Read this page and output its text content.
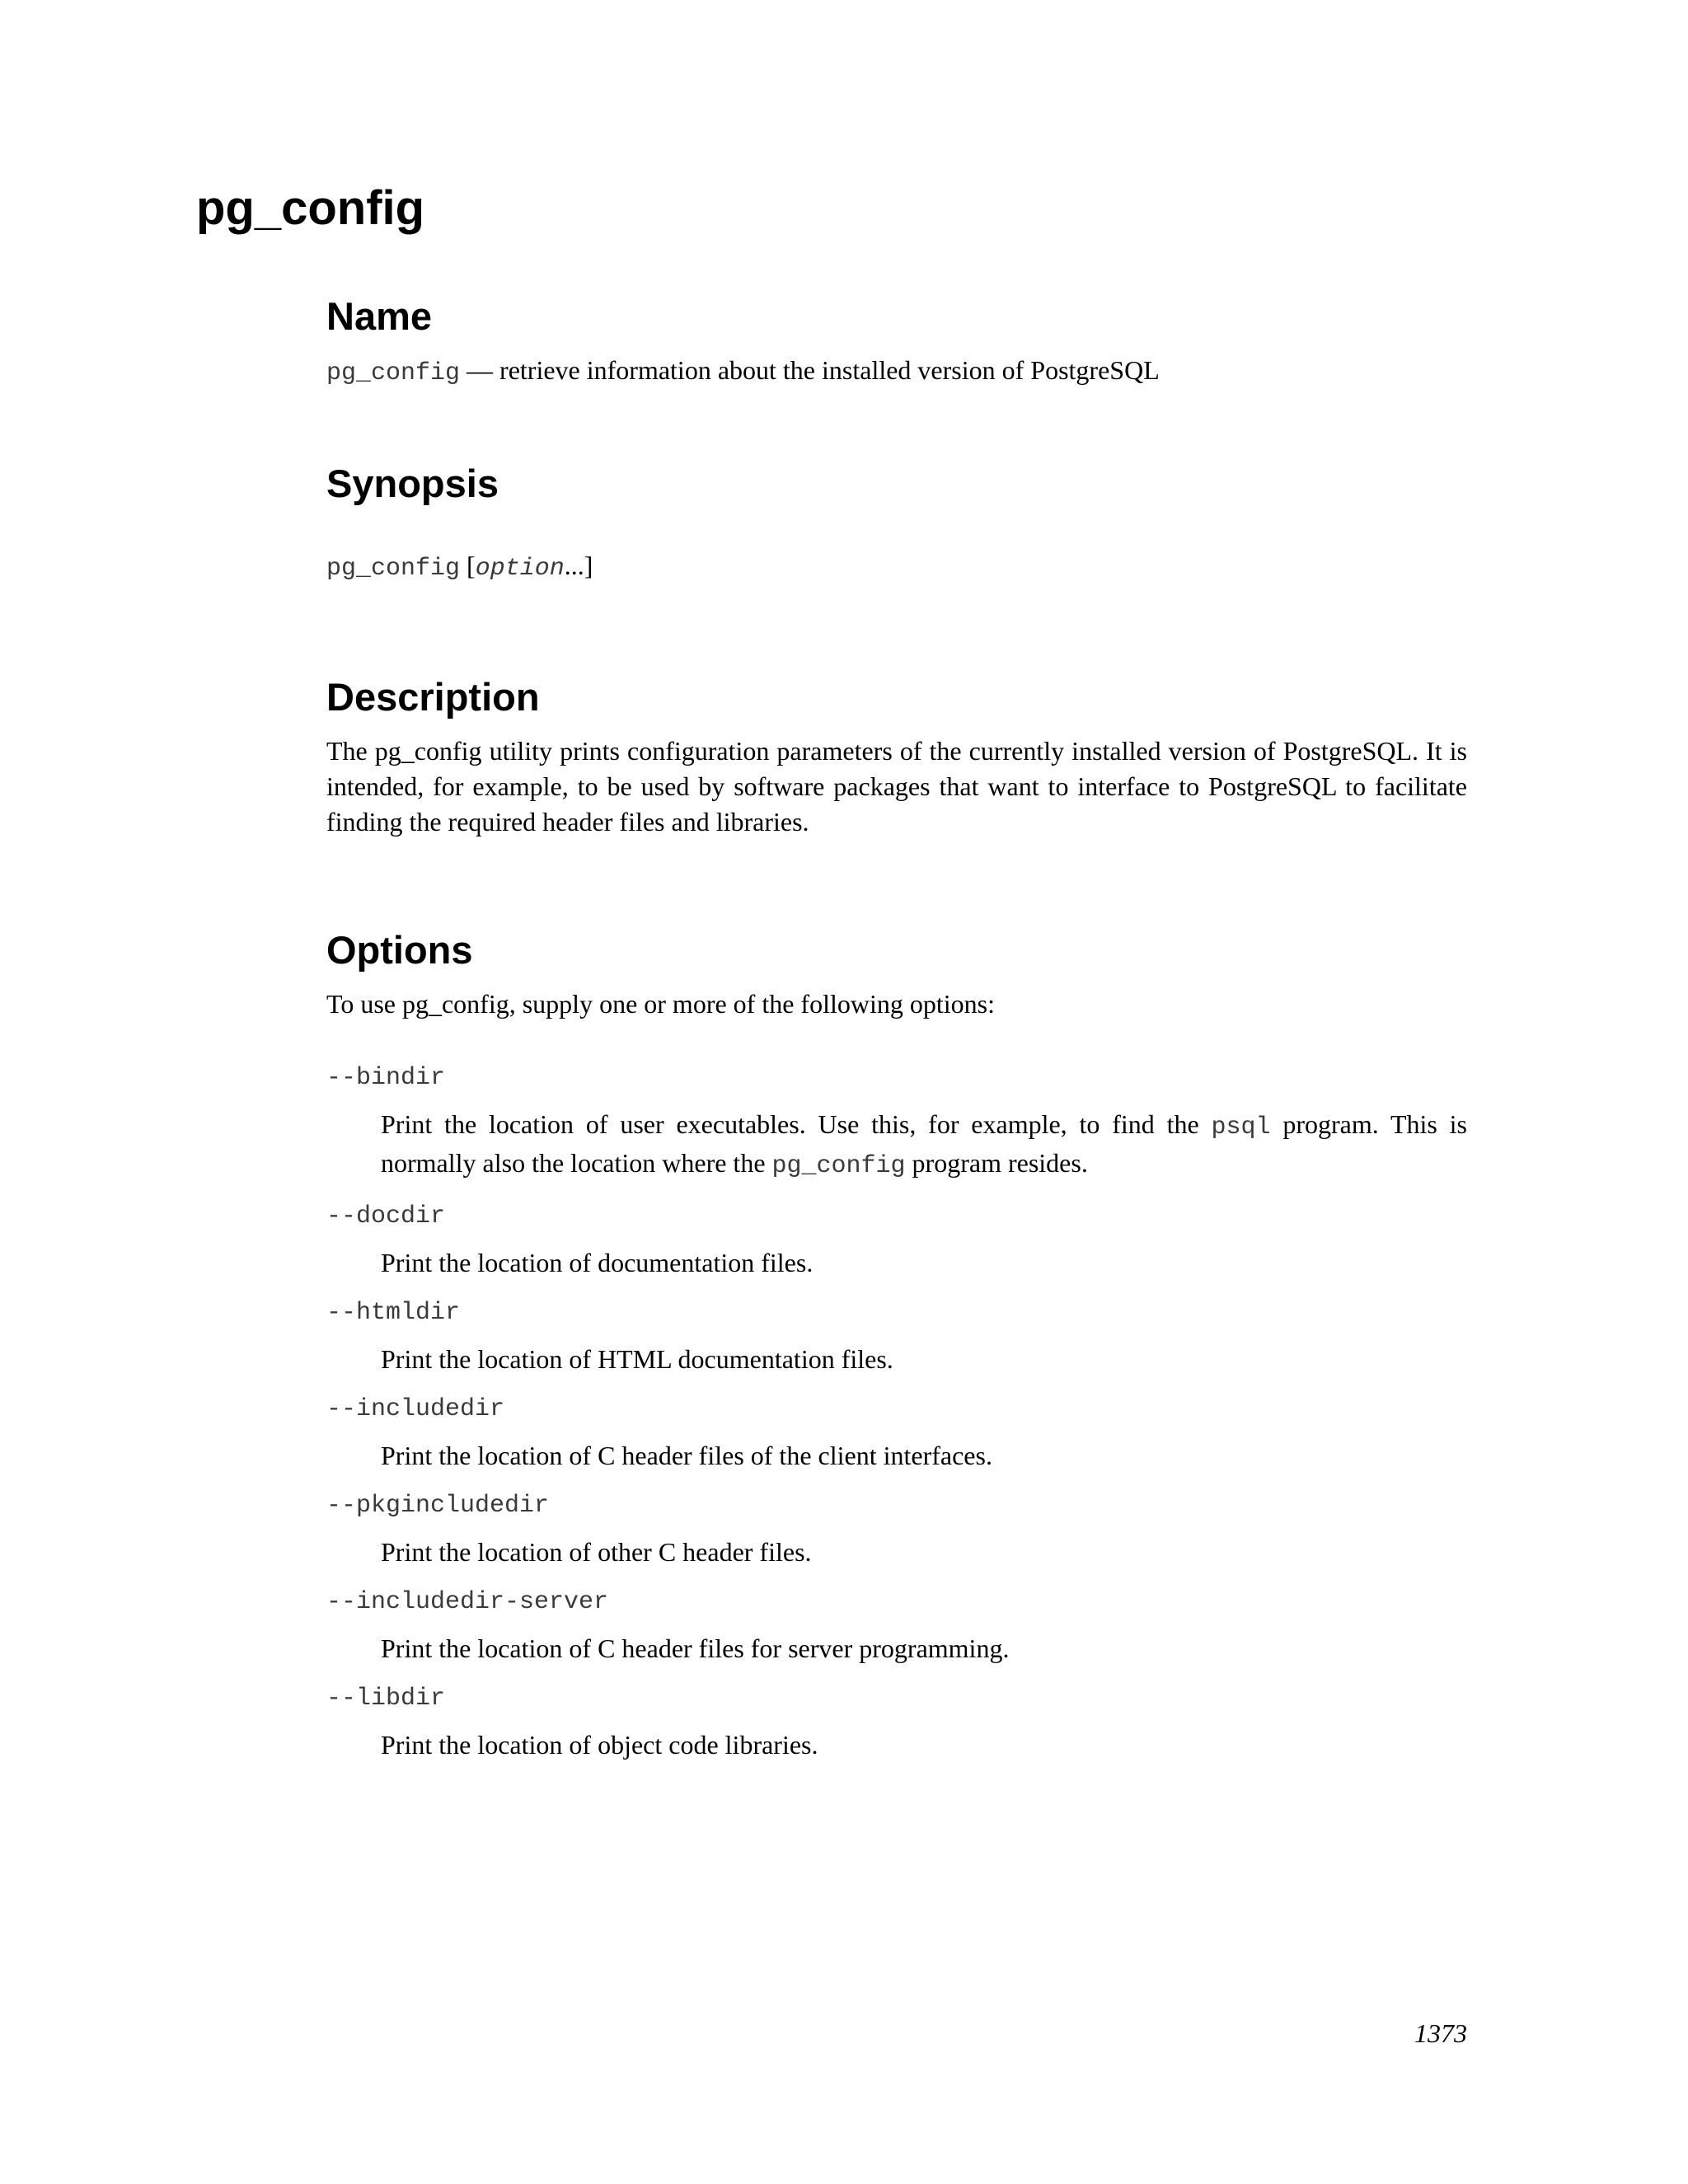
pg_config
Name

pg_config — retrieve information about the installed version of PostgreSQL

Synopsis

pg_config [option...]

Description

The pg_config utility prints configuration parameters of the currently installed version of PostgreSQL. It is intended, for example, to be used by software packages that want to interface to PostgreSQL to facilitate finding the required header files and libraries.

Options

To use pg_config, supply one or more of the following options:

--bindir
Print the location of user executables. Use this, for example, to find the psql program. This is normally also the location where the pg_config program resides.
--docdir
Print the location of documentation files.
--htmldir
Print the location of HTML documentation files.
--includedir
Print the location of C header files of the client interfaces.
--pkgincludedir
Print the location of other C header files.
--includedir-server
Print the location of C header files for server programming.
--libdir
Print the location of object code libraries.
1373
